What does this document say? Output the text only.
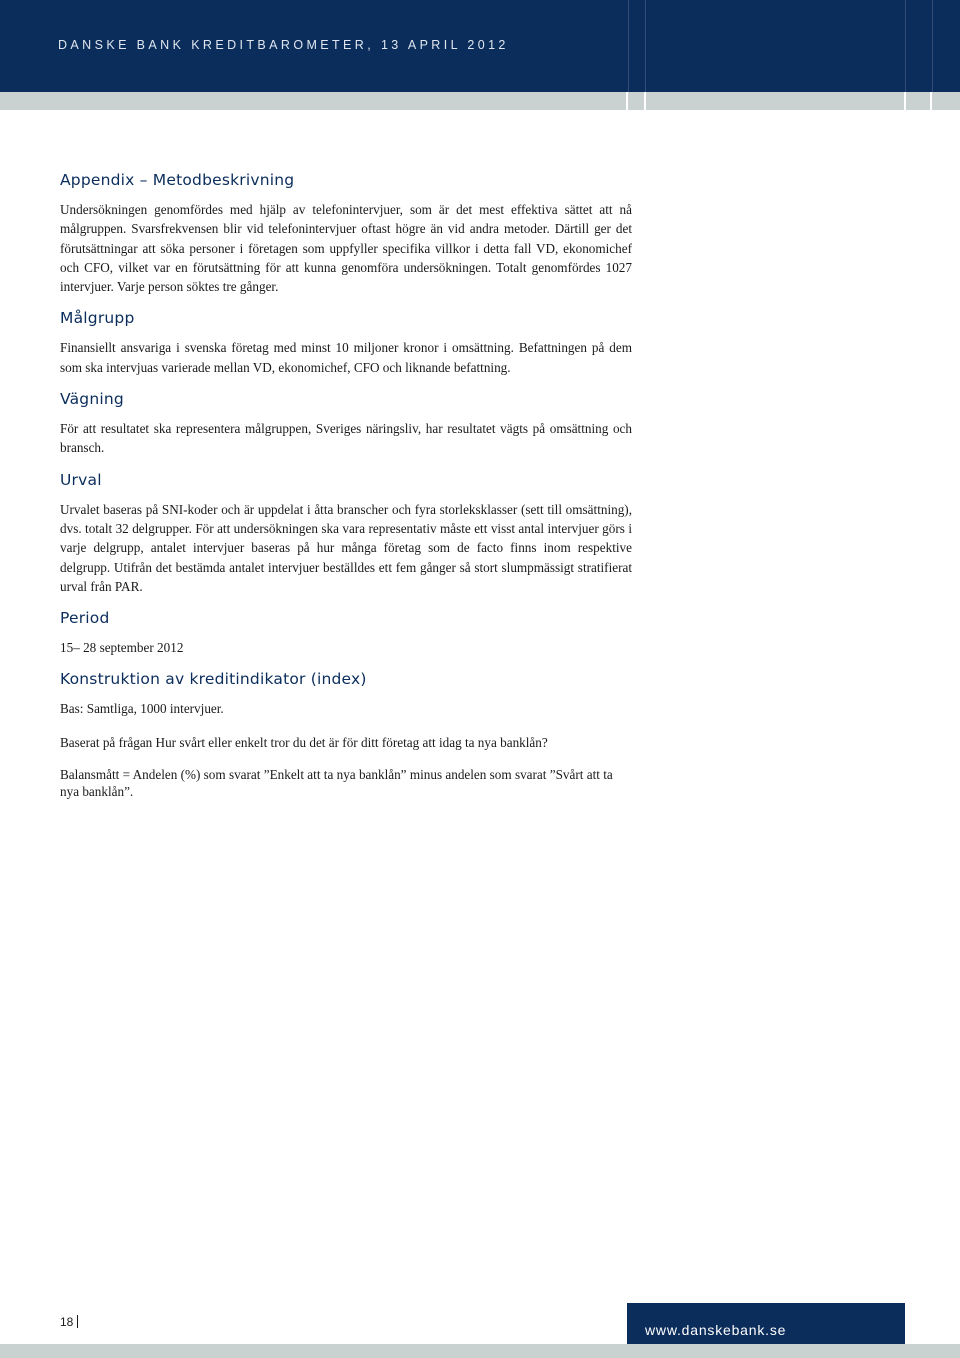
DANSKE BANK KREDITBAROMETER, 13 APRIL 2012
Appendix – Metodbeskrivning

Undersökningen genomfördes med hjälp av telefonintervjuer, som är det mest effektiva sättet att nå målgruppen. Svarsfrekvensen blir vid telefonintervjuer oftast högre än vid andra metoder. Därtill ger det förutsättningar att söka personer i företagen som uppfyller specifika villkor i detta fall VD, ekonomichef och CFO, vilket var en förutsättning för att kunna genomföra undersökningen. Totalt genomfördes 1027 intervjuer. Varje person söktes tre gånger.

Målgrupp

Finansiellt ansvariga i svenska företag med minst 10 miljoner kronor i omsättning. Befattningen på dem som ska intervjuas varierade mellan VD, ekonomichef, CFO och liknande befattning.

Vägning

För att resultatet ska representera målgruppen, Sveriges näringsliv, har resultatet vägts på omsättning och bransch.

Urval

Urvalet baseras på SNI-koder och är uppdelat i åtta branscher och fyra storleksklasser (sett till omsättning), dvs. totalt 32 delgrupper. För att undersökningen ska vara representativ måste ett visst antal intervjuer görs i varje delgrupp, antalet intervjuer baseras på hur många företag som de facto finns inom respektive delgrupp. Utifrån det bestämda antalet intervjuer beställdes ett fem gånger så stort slumpmässigt stratifierat urval från PAR.

Period

15– 28 september 2012

Konstruktion av kreditindikator (index)

Bas: Samtliga, 1000 intervjuer.

Baserat på frågan Hur svårt eller enkelt tror du det är för ditt företag att idag ta nya banklån?

Balansmått = Andelen (%) som svarat ”Enkelt att ta nya banklån” minus andelen som svarat ”Svårt att ta nya banklån”.

18	www.danskebank.se
